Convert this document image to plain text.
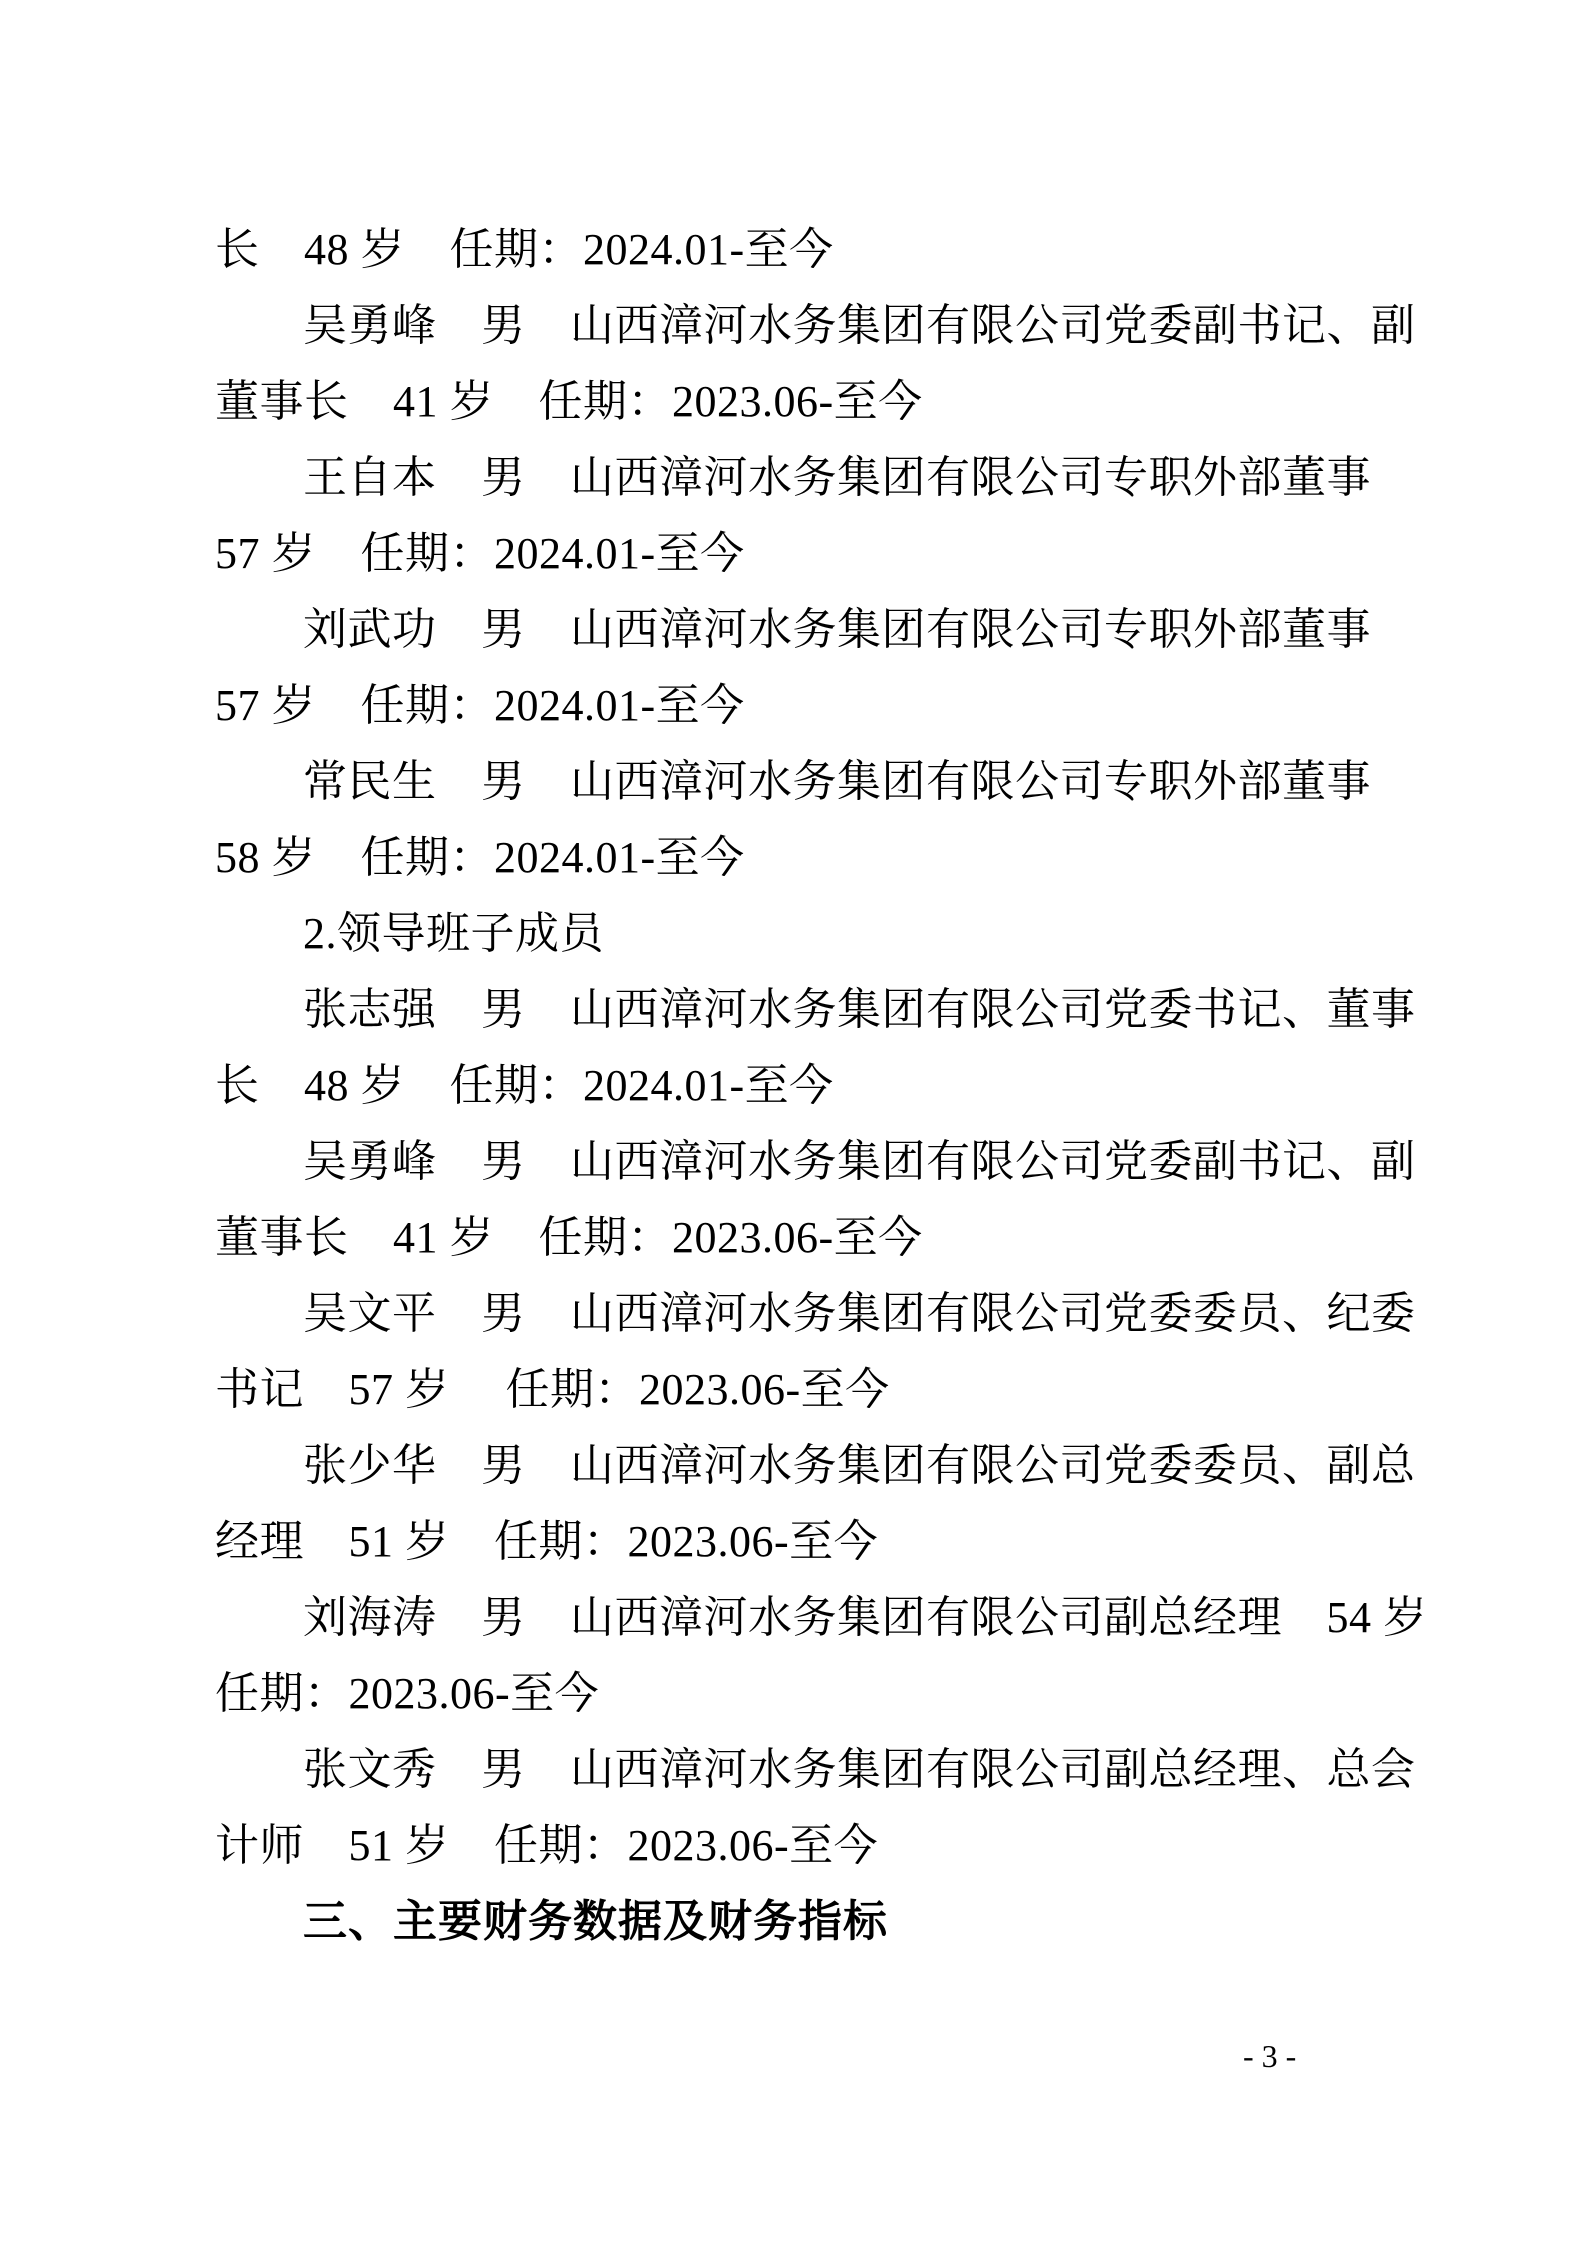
长　48 岁　任期：2024.01-至今
吴勇峰　男　山西漳河水务集团有限公司党委副书记、副
董事长　41 岁　任期：2023.06-至今
王自本　男　山西漳河水务集团有限公司专职外部董事
57 岁　任期：2024.01-至今
刘武功　男　山西漳河水务集团有限公司专职外部董事
57 岁　任期：2024.01-至今
常民生　男　山西漳河水务集团有限公司专职外部董事
58 岁　任期：2024.01-至今
2.领导班子成员
张志强　男　山西漳河水务集团有限公司党委书记、董事
长　48 岁　任期：2024.01-至今
吴勇峰　男　山西漳河水务集团有限公司党委副书记、副
董事长　41 岁　任期：2023.06-至今
吴文平　男　山西漳河水务集团有限公司党委委员、纪委
书记　57 岁　 任期：2023.06-至今
张少华　男　山西漳河水务集团有限公司党委委员、副总
经理　51 岁　任期：2023.06-至今
刘海涛　男　山西漳河水务集团有限公司副总经理　54 岁
任期：2023.06-至今
张文秀　男　山西漳河水务集团有限公司副总经理、总会
计师　51 岁　任期：2023.06-至今
三、主要财务数据及财务指标
- 3 -
